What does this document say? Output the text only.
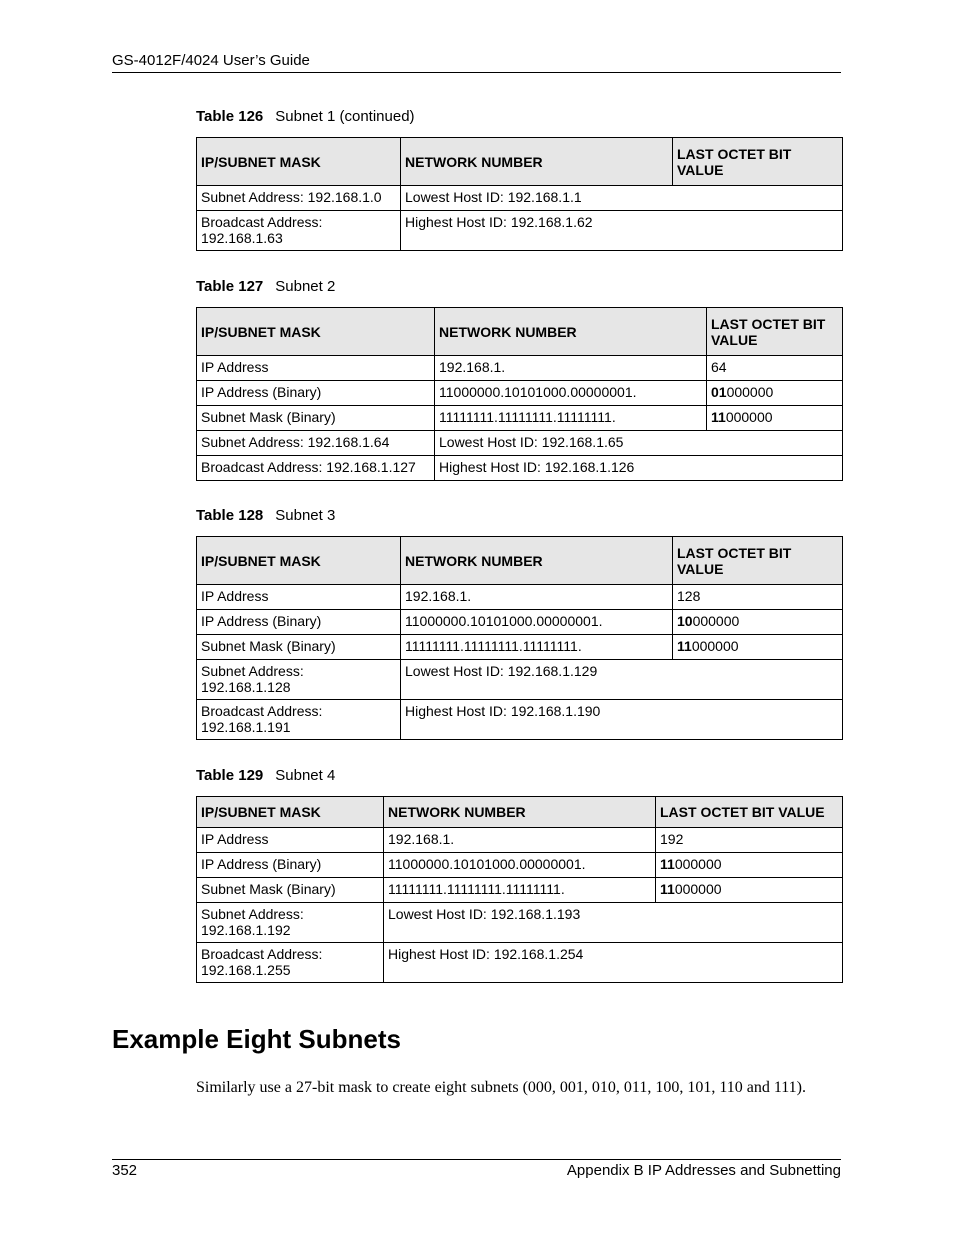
GS-4012F/4024 User’s Guide
Table 126 Subnet 1 (continued)
IP/SUBNET MASK	NETWORK NUMBER	LAST OCTET BIT VALUE
Subnet Address: 192.168.1.0	Lowest Host ID: 192.168.1.1	
Broadcast Address: 192.168.1.63	Highest Host ID: 192.168.1.62	
Table 127 Subnet 2
IP/SUBNET MASK	NETWORK NUMBER	LAST OCTET BIT VALUE
IP Address	192.168.1.	64
IP Address (Binary)	11000000.10101000.00000001.	01000000
Subnet Mask (Binary)	11111111.11111111.11111111.	11000000
Subnet Address: 192.168.1.64	Lowest Host ID: 192.168.1.65	
Broadcast Address: 192.168.1.127	Highest Host ID: 192.168.1.126	
Table 128 Subnet 3
IP/SUBNET MASK	NETWORK NUMBER	LAST OCTET BIT VALUE
IP Address	192.168.1.	128
IP Address (Binary)	11000000.10101000.00000001.	10000000
Subnet Mask (Binary)	11111111.11111111.11111111.	11000000
Subnet Address: 192.168.1.128	Lowest Host ID: 192.168.1.129	
Broadcast Address: 192.168.1.191	Highest Host ID: 192.168.1.190	
Table 129 Subnet 4
IP/SUBNET MASK	NETWORK NUMBER	LAST OCTET BIT VALUE
IP Address	192.168.1.	192
IP Address (Binary)	11000000.10101000.00000001.	11000000
Subnet Mask (Binary)	11111111.11111111.11111111.	11000000
Subnet Address: 192.168.1.192	Lowest Host ID: 192.168.1.193	
Broadcast Address: 192.168.1.255	Highest Host ID: 192.168.1.254	
Example Eight Subnets

Similarly use a 27-bit mask to create eight subnets (000, 001, 010, 011, 100, 101, 110 and 111).

352	Appendix B IP Addresses and Subnetting
